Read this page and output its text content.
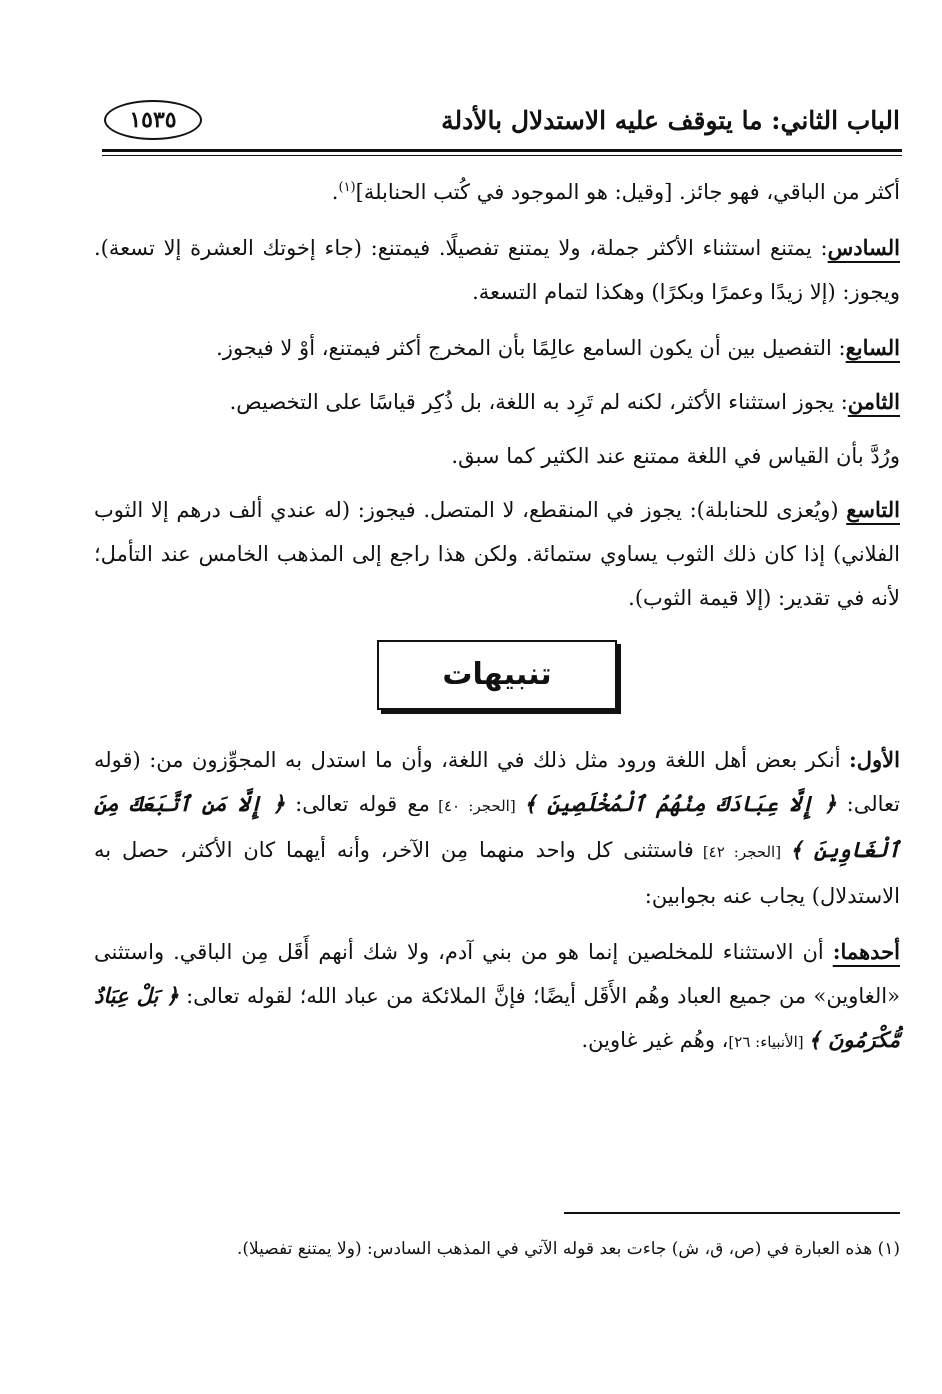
الباب الثاني: ما يتوقف عليه الاستدلال بالأدلة
١٥٣٥

أكثر من الباقي، فهو جائز. [وقيل: هو الموجود في كُتب الحنابلة]$^{(١)}$.

السادس: يمتنع استثناء الأكثر جملة، ولا يمتنع تفصيلًا. فيمتنع: (جاء إخوتك العشرة إلا تسعة). ويجوز: (إلا زيدًا وعمرًا وبكرًا) وهكذا لتمام التسعة.

السابع: التفصيل بين أن يكون السامع عالِمًا بأن المخرج أكثر فيمتنع، أوْ لا فيجوز.

الثامن: يجوز استثناء الأكثر، لكنه لم تَرِد به اللغة، بل ذُكِر قياسًا على التخصيص.

ورُدَّ بأن القياس في اللغة ممتنع عند الكثير كما سبق.

التاسع (ويُعزى للحنابلة): يجوز في المنقطع، لا المتصل. فيجوز: (له عندي ألف درهم إلا الثوب الفلاني) إذا كان ذلك الثوب يساوي ستمائة. ولكن هذا راجع إلى المذهب الخامس عند التأمل؛ لأنه في تقدير: (إلا قيمة الثوب).

تنبيهات

الأول: أنكر بعض أهل اللغة ورود مثل ذلك في اللغة، وأن ما استدل به المجوِّزون من: (قوله تعالى: ﴿ إِلَّا عِبَادَكَ مِنْهُمُ ٱلْمُخْلَصِينَ ﴾ [الحجر: ٤٠] مع قوله تعالى: ﴿ إِلَّا مَنِ ٱتَّبَعَكَ مِنَ ٱلْغَاوِينَ ﴾ [الحجر: ٤٢] فاستثنى كل واحد منهما مِن الآخر، وأنه أيهما كان الأكثر، حصل به الاستدلال) يجاب عنه بجوابين:

أحدهما: أن الاستثناء للمخلصين إنما هو من بني آدم، ولا شك أنهم أَقَل مِن الباقي. واستثنى «الغاوين» من جميع العباد وهُم الأَقَل أيضًا؛ فإنَّ الملائكة من عباد الله؛ لقوله تعالى: ﴿ بَلْ عِبَادٌ مُّكْرَمُونَ ﴾ [الأنبياء: ٢٦]، وهُم غير غاوين.

(١) هذه العبارة في (ص، ق، ش) جاءت بعد قوله الآتي في المذهب السادس: (ولا يمتنع تفصيلا).
